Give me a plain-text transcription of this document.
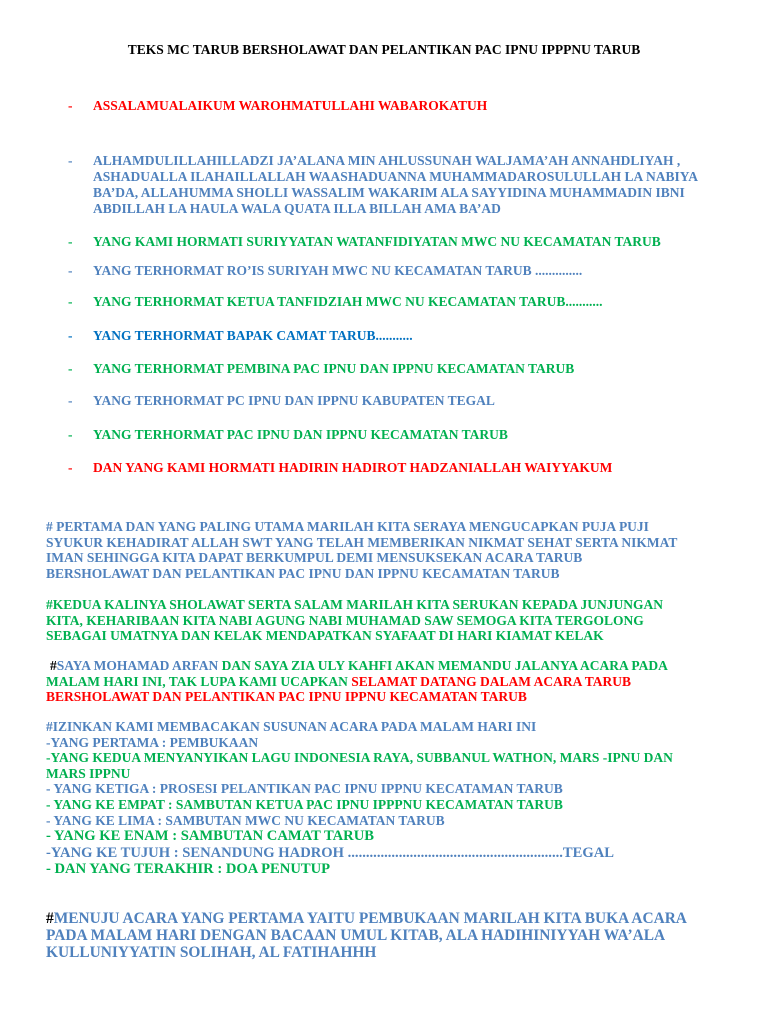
TEKS MC TARUB BERSHOLAWAT DAN PELANTIKAN PAC IPNU IPPPNU TARUB
- ASSALAMUALAIKUM WAROHMATULLAHI WABAROKATUH
- ALHAMDULILLAHILLADZI JA’ALANA MIN AHLUSSUNAH WALJAMA’AH ANNAHDLIYAH , ASHADUALLA ILAHAILLALLAH WAASHADUANNA MUHAMMADAROSULULLAH LA NABIYA BA’DA, ALLAHUMMA SHOLLI WASSALIM WAKARIM ALA SAYYIDINA MUHAMMADIN IBNI ABDILLAH LA HAULA WALA QUATA ILLA BILLAH AMA BA’AD
- YANG KAMI HORMATI SURIYYATAN WATANFIDIYATAN MWC NU KECAMATAN TARUB
- YANG TERHORMAT RO’IS SURIYAH MWC NU KECAMATAN TARUB ..............
- YANG TERHORMAT KETUA TANFIDZIAH MWC NU KECAMATAN TARUB...........
- YANG TERHORMAT BAPAK CAMAT TARUB...........
- YANG TERHORMAT PEMBINA PAC IPNU DAN IPPNU KECAMATAN TARUB
- YANG TERHORMAT PC IPNU DAN IPPNU KABUPATEN TEGAL
- YANG TERHORMAT PAC IPNU DAN IPPNU KECAMATAN TARUB
- DAN YANG KAMI HORMATI HADIRIN HADIROT HADZANIALLAH WAIYYAKUM
# PERTAMA DAN YANG PALING UTAMA MARILAH KITA SERAYA MENGUCAPKAN PUJA PUJI
SYUKUR KEHADIRAT ALLAH SWT YANG TELAH MEMBERIKAN NIKMAT SEHAT SERTA NIKMAT
IMAN SEHINGGA KITA DAPAT BERKUMPUL DEMI MENSUKSEKAN ACARA TARUB
BERSHOLAWAT DAN PELANTIKAN PAC IPNU DAN IPPNU KECAMATAN TARUB
#KEDUA KALINYA SHOLAWAT SERTA SALAM MARILAH KITA SERUKAN KEPADA JUNJUNGAN
KITA, KEHARIBAAN KITA NABI AGUNG NABI MUHAMAD SAW SEMOGA KITA TERGOLONG
SEBAGAI UMATNYA DAN KELAK MENDAPATKAN SYAFAAT DI HARI KIAMAT KELAK
#SAYA MOHAMAD ARFAN DAN SAYA ZIA ULY KAHFI AKAN MEMANDU JALANYA ACARA PADA
MALAM HARI INI, TAK LUPA KAMI UCAPKAN SELAMAT DATANG DALAM ACARA TARUB
BERSHOLAWAT DAN PELANTIKAN PAC IPNU IPPNU KECAMATAN TARUB
#IZINKAN KAMI MEMBACAKAN SUSUNAN ACARA PADA MALAM HARI INI
-YANG PERTAMA : PEMBUKAAN
-YANG KEDUA MENYANYIKAN LAGU INDONESIA RAYA, SUBBANUL WATHON, MARS -IPNU DAN
MARS IPPNU
- YANG KETIGA : PROSESI PELANTIKAN PAC IPNU IPPNU KECATAMAN TARUB
- YANG KE EMPAT : SAMBUTAN KETUA PAC IPNU IPPPNU KECAMATAN TARUB
- YANG KE LIMA : SAMBUTAN MWC NU KECAMATAN TARUB
- YANG KE ENAM : SAMBUTAN CAMAT TARUB
-YANG KE TUJUH : SENANDUNG HADROH ...........................................................TEGAL
- DAN YANG TERAKHIR : DOA PENUTUP
#MENUJU ACARA YANG PERTAMA YAITU PEMBUKAAN MARILAH KITA BUKA ACARA
PADA MALAM HARI DENGAN BACAAN UMUL KITAB, ALA HADIHINIYYAH WA’ALA
KULLUNIYYATIN SOLIHAH, AL FATIHAHHH
